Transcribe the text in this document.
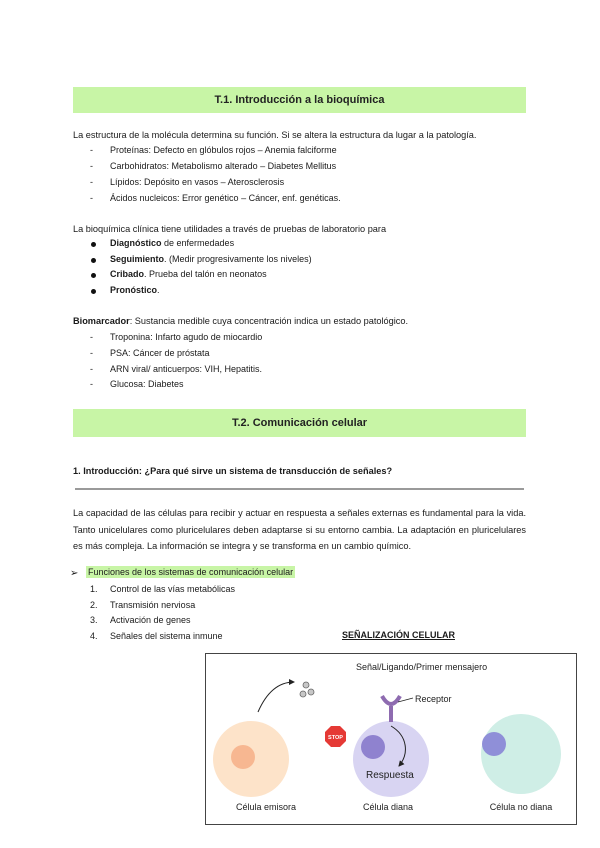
T.1. Introducción a la bioquímica
La estructura de la molécula determina su función. Si se altera la estructura da lugar a la patología.
- Proteínas: Defecto en glóbulos rojos – Anemia falciforme
- Carbohidratos: Metabolismo alterado – Diabetes Mellitus
- Lípidos: Depósito en vasos – Aterosclerosis
- Ácidos nucleicos: Error genético – Cáncer, enf. genéticas.
La bioquímica clínica tiene utilidades a través de pruebas de laboratorio para
Diagnóstico de enfermedades
Seguimiento. (Medir progresivamente los niveles)
Cribado. Prueba del talón en neonatos
Pronóstico.
Biomarcador: Sustancia medible cuya concentración indica un estado patológico.
- Troponina: Infarto agudo de miocardio
- PSA: Cáncer de próstata
- ARN viral/ anticuerpos: VIH, Hepatitis.
- Glucosa: Diabetes
T.2. Comunicación celular
1. Introducción: ¿Para qué sirve un sistema de transducción de señales?
La capacidad de las células para recibir y actuar en respuesta a señales externas es fundamental para la vida. Tanto unicelulares como pluricelulares deben adaptarse si su entorno cambia. La adaptación en pluricelulares es más compleja. La información se integra y se transforma en un cambio químico.
➢ Funciones de los sistemas de comunicación celular
1. Control de las vías metabólicas
2. Transmisión nerviosa
3. Activación de genes
4. Señales del sistema inmune	SEÑALIZACIÓN CELULAR
Señal/Ligando/Primer mensajero
Receptor
Respuesta
STOP
Célula emisora	Célula diana	Célula no diana
